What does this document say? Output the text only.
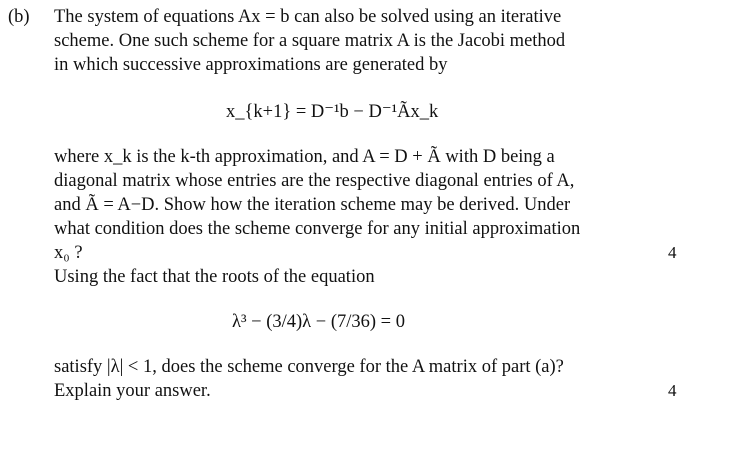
(b) The system of equations Ax = b can also be solved using an iterative
scheme. One such scheme for a square matrix A is the Jacobi method
in which successive approximations are generated by
x_{k+1} = D⁻¹b − D⁻¹Ãx_k
where x_k is the k-th approximation, and A = D + Ã with D being a
diagonal matrix whose entries are the respective diagonal entries of A,
and Ã = A−D. Show how the iteration scheme may be derived. Under
what condition does the scheme converge for any initial approximation
x₀ ?	4
Using the fact that the roots of the equation
λ³ − (3/4)λ − (7/36) = 0
satisfy |λ| < 1, does the scheme converge for the A matrix of part (a)?
Explain your answer.	4
